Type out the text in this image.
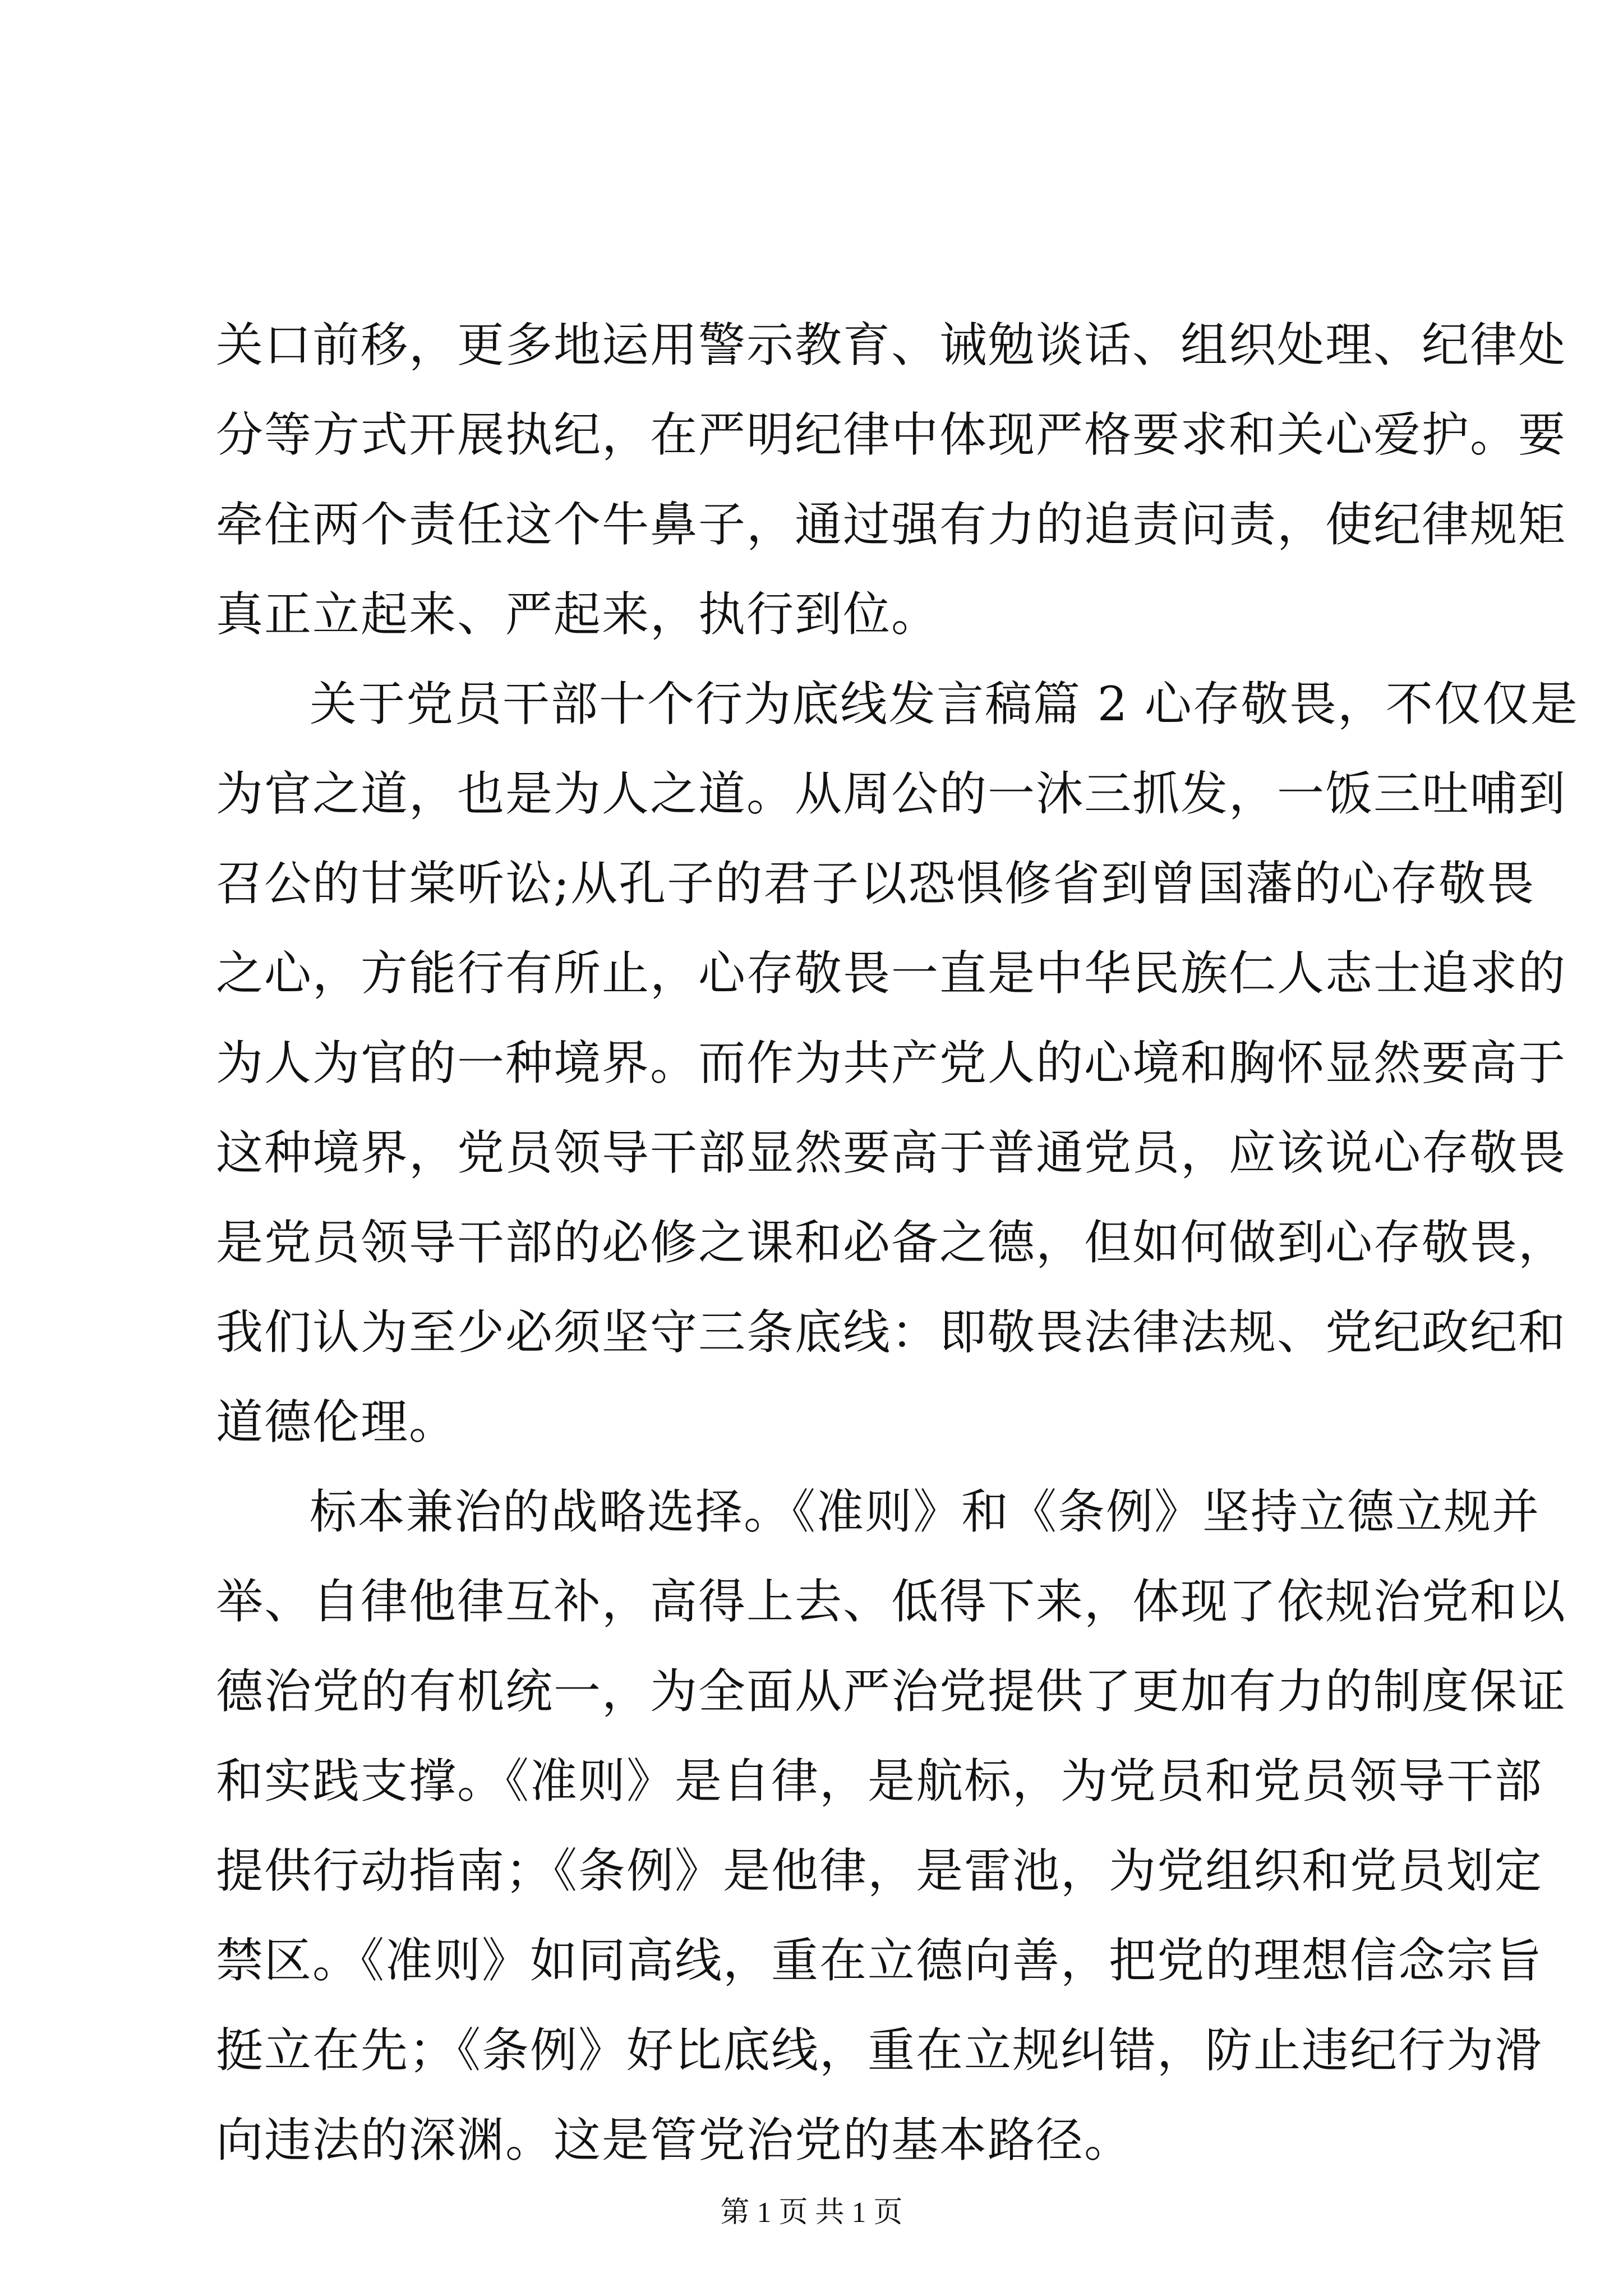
关口前移，更多地运用警示教育、诫勉谈话、组织处理、纪律处
分等方式开展执纪，在严明纪律中体现严格要求和关心爱护。要
牵住两个责任这个牛鼻子，通过强有力的追责问责，使纪律规矩
真正立起来、严起来，执行到位。
关于党员干部十个行为底线发言稿篇 2 心存敬畏，不仅仅是
为官之道，也是为人之道。从周公的一沐三抓发，一饭三吐哺到
召公的甘棠听讼;从孔子的君子以恐惧修省到曾国藩的心存敬畏
之心，方能行有所止，心存敬畏一直是中华民族仁人志士追求的
为人为官的一种境界。而作为共产党人的心境和胸怀显然要高于
这种境界，党员领导干部显然要高于普通党员，应该说心存敬畏
是党员领导干部的必修之课和必备之德，但如何做到心存敬畏，
我们认为至少必须坚守三条底线：即敬畏法律法规、党纪政纪和
道德伦理。
标本兼治的战略选择。《准则》和《条例》坚持立德立规并
举、自律他律互补，高得上去、低得下来，体现了依规治党和以
德治党的有机统一，为全面从严治党提供了更加有力的制度保证
和实践支撑。《准则》是自律，是航标，为党员和党员领导干部
提供行动指南；《条例》是他律，是雷池，为党组织和党员划定
禁区。《准则》如同高线，重在立德向善，把党的理想信念宗旨
挺立在先；《条例》好比底线，重在立规纠错，防止违纪行为滑
向违法的深渊。这是管党治党的基本路径。
第 1 页 共 1 页
